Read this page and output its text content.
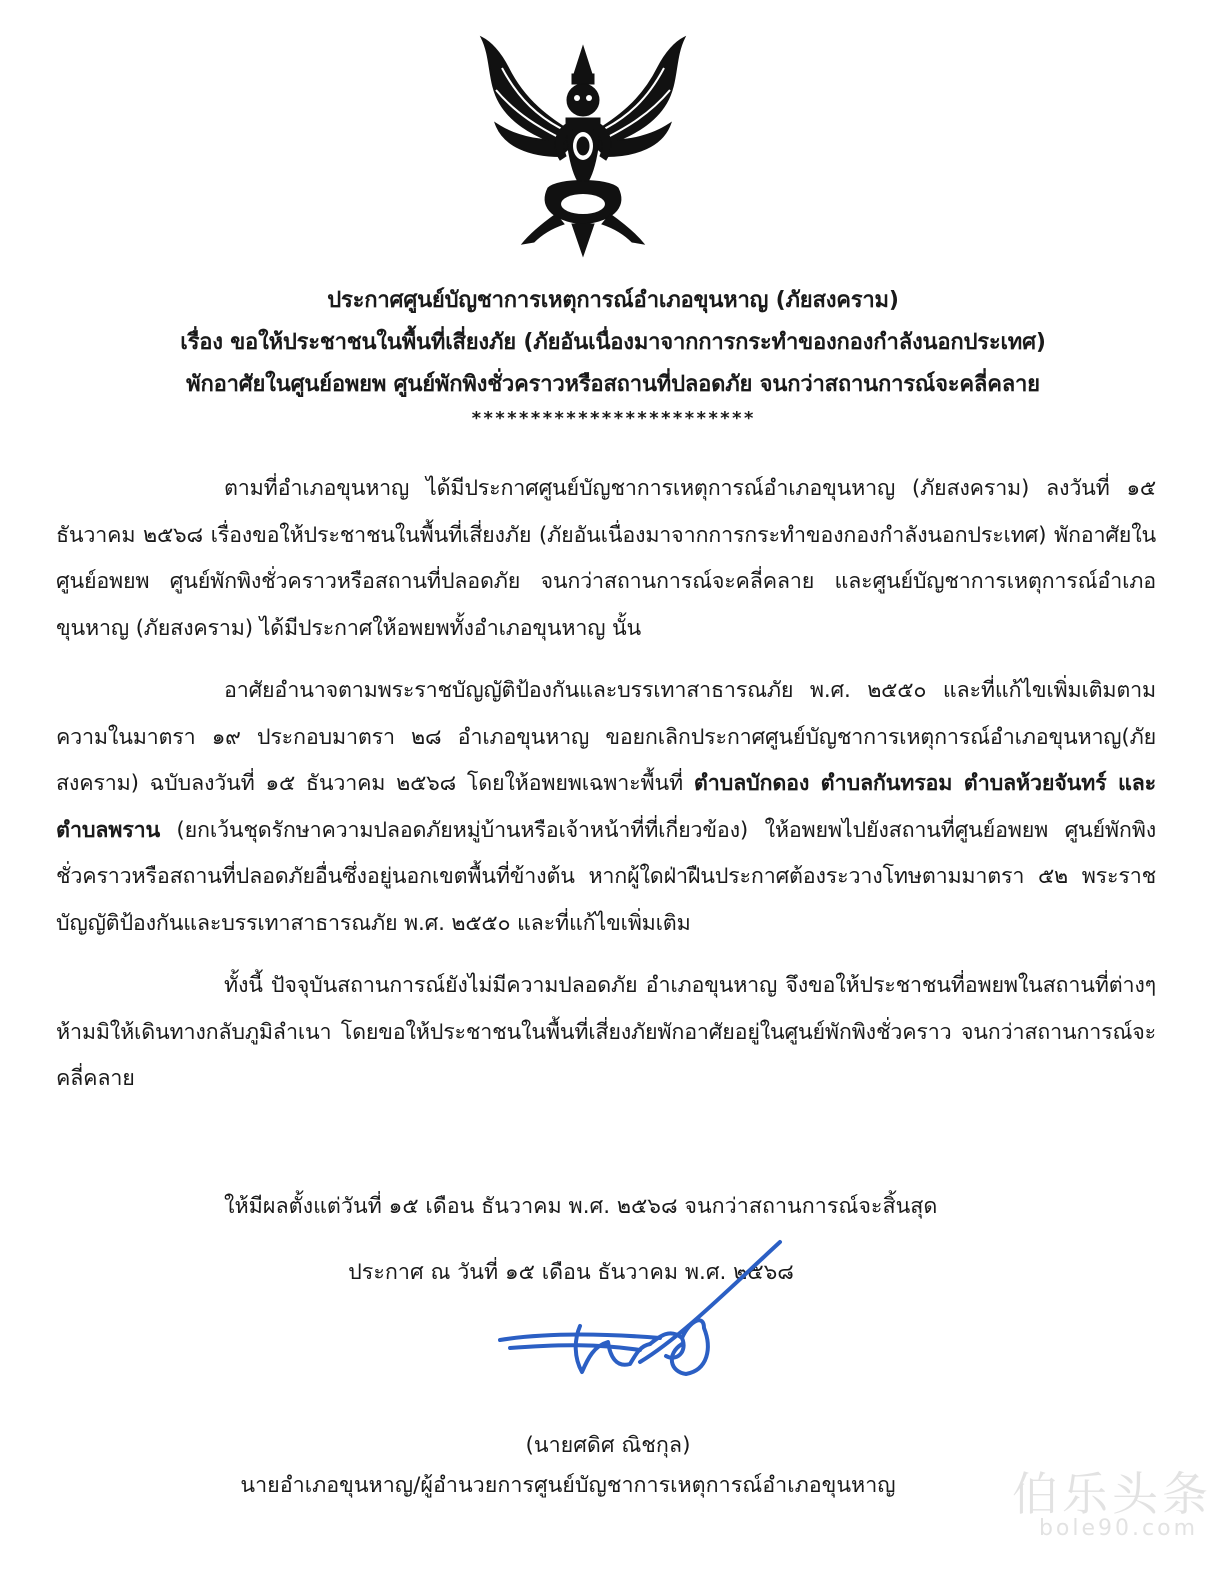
ประกาศศูนย์บัญชาการเหตุการณ์อำเภอขุนหาญ (ภัยสงคราม)
เรื่อง ขอให้ประชาชนในพื้นที่เสี่ยงภัย (ภัยอันเนื่องมาจากการกระทำของกองกำลังนอกประเทศ)
พักอาศัยในศูนย์อพยพ ศูนย์พักพิงชั่วคราวหรือสถานที่ปลอดภัย จนกว่าสถานการณ์จะคลี่คลาย
************************

ตามที่อำเภอขุนหาญ ได้มีประกาศศูนย์บัญชาการเหตุการณ์อำเภอขุนหาญ (ภัยสงคราม) ลงวันที่ ๑๕ ธันวาคม ๒๕๖๘ เรื่องขอให้ประชาชนในพื้นที่เสี่ยงภัย (ภัยอันเนื่องมาจากการกระทำของกองกำลังนอกประเทศ) พักอาศัยในศูนย์อพยพ ศูนย์พักพิงชั่วคราวหรือสถานที่ปลอดภัย จนกว่าสถานการณ์จะคลี่คลาย และศูนย์บัญชาการเหตุการณ์อำเภอขุนหาญ (ภัยสงคราม) ได้มีประกาศให้อพยพทั้งอำเภอขุนหาญ นั้น

อาศัยอำนาจตามพระราชบัญญัติป้องกันและบรรเทาสาธารณภัย พ.ศ. ๒๕๕๐ และที่แก้ไขเพิ่มเติมตามความในมาตรา ๑๙ ประกอบมาตรา ๒๘ อำเภอขุนหาญ ขอยกเลิกประกาศศูนย์บัญชาการเหตุการณ์อำเภอขุนหาญ(ภัยสงคราม) ฉบับลงวันที่ ๑๕ ธันวาคม ๒๕๖๘ โดยให้อพยพเฉพาะพื้นที่ ตำบลบักดอง ตำบลกันทรอม ตำบลห้วยจันทร์ และตำบลพราน (ยกเว้นชุดรักษาความปลอดภัยหมู่บ้านหรือเจ้าหน้าที่ที่เกี่ยวข้อง) ให้อพยพไปยังสถานที่ศูนย์อพยพ ศูนย์พักพิงชั่วคราวหรือสถานที่ปลอดภัยอื่นซึ่งอยู่นอกเขตพื้นที่ข้างต้น หากผู้ใดฝ่าฝืนประกาศต้องระวางโทษตามมาตรา ๕๒ พระราชบัญญัติป้องกันและบรรเทาสาธารณภัย พ.ศ. ๒๕๕๐ และที่แก้ไขเพิ่มเติม

ทั้งนี้ ปัจจุบันสถานการณ์ยังไม่มีความปลอดภัย อำเภอขุนหาญ จึงขอให้ประชาชนที่อพยพในสถานที่ต่างๆ ห้ามมิให้เดินทางกลับภูมิลำเนา โดยขอให้ประชาชนในพื้นที่เสี่ยงภัยพักอาศัยอยู่ในศูนย์พักพิงชั่วคราว จนกว่าสถานการณ์จะคลี่คลาย

ให้มีผลตั้งแต่วันที่ ๑๕ เดือน ธันวาคม พ.ศ. ๒๕๖๘ จนกว่าสถานการณ์จะสิ้นสุด
ประกาศ ณ วันที่ ๑๕ เดือน ธันวาคม พ.ศ. ๒๕๖๘
(นายศดิศ ณิชกุล)
นายอำเภอขุนหาญ/ผู้อำนวยการศูนย์บัญชาการเหตุการณ์อำเภอขุนหาญ	伯乐头条
bole90.com
